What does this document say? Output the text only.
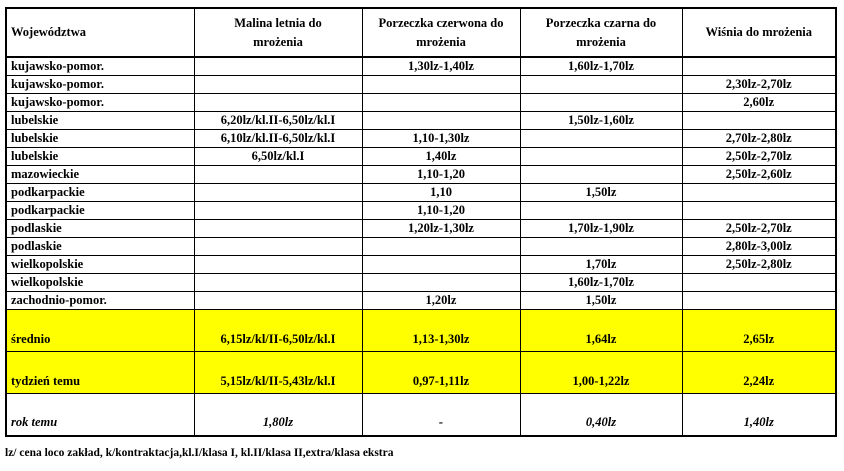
Województwa	Malina letnia do mrożenia	Porzeczka czerwona do mrożenia	Porzeczka czarna do mrożenia	Wiśnia do mrożenia
kujawsko-pomor.		1,30lz-1,40lz	1,60lz-1,70lz	
kujawsko-pomor.				2,30lz-2,70lz
kujawsko-pomor.				2,60lz
lubelskie	6,20lz/kl.II-6,50lz/kl.I		1,50lz-1,60lz	
lubelskie	6,10lz/kl.II-6,50lz/kl.I	1,10-1,30lz		2,70lz-2,80lz
lubelskie	6,50lz/kl.I	1,40lz		2,50lz-2,70lz
mazowieckie		1,10-1,20		2,50lz-2,60lz
podkarpackie		1,10	1,50lz	
podkarpackie		1,10-1,20		
podlaskie		1,20lz-1,30lz	1,70lz-1,90lz	2,50lz-2,70lz
podlaskie				2,80lz-3,00lz
wielkopolskie			1,70lz	2,50lz-2,80lz
wielkopolskie			1,60lz-1,70lz	
zachodnio-pomor.		1,20lz	1,50lz	
średnio	6,15lz/kl/II-6,50lz/kl.I	1,13-1,30lz	1,64lz	2,65lz
tydzień temu	5,15lz/kl/II-5,43lz/kl.I	0,97-1,11lz	1,00-1,22lz	2,24lz
rok temu	1,80lz	-	0,40lz	1,40lz
lz/ cena loco zakład, k/kontraktacja,kl.I/klasa I, kl.II/klasa II,extra/klasa ekstra
